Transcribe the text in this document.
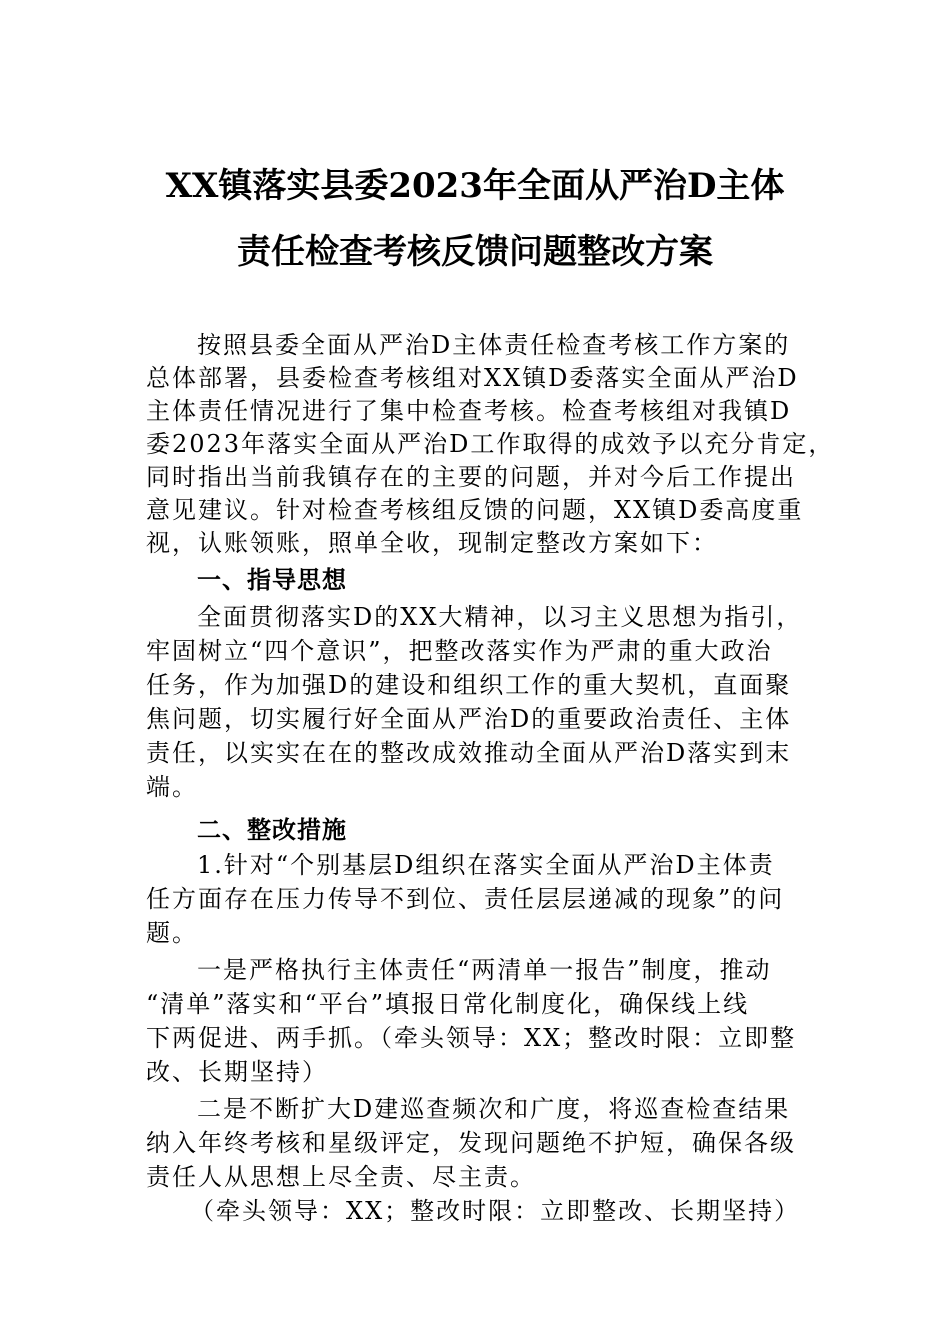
XX镇落实县委2023年全面从严治D主体
责任检查考核反馈问题整改方案
按照县委全面从严治D主体责任检查考核工作方案的
总体部署，县委检查考核组对XX镇D委落实全面从严治D
主体责任情况进行了集中检查考核。检查考核组对我镇D
委2023年落实全面从严治D工作取得的成效予以充分肯定，
同时指出当前我镇存在的主要的问题，并对今后工作提出
意见建议。针对检查考核组反馈的问题，XX镇D委高度重
视，认账领账，照单全收，现制定整改方案如下：
一、指导思想
全面贯彻落实D的XX大精神，以习主义思想为指引，
牢固树立“四个意识”，把整改落实作为严肃的重大政治
任务，作为加强D的建设和组织工作的重大契机，直面聚
焦问题，切实履行好全面从严治D的重要政治责任、主体
责任，以实实在在的整改成效推动全面从严治D落实到末
端。
二、整改措施
1.针对“个别基层D组织在落实全面从严治D主体责
任方面存在压力传导不到位、责任层层递减的现象”的问
题。
一是严格执行主体责任“两清单一报告”制度，推动
“清单”落实和“平台”填报日常化制度化，确保线上线
下两促进、两手抓。（牵头领导：XX；整改时限：立即整
改、长期坚持）
二是不断扩大D建巡查频次和广度，将巡查检查结果
纳入年终考核和星级评定，发现问题绝不护短，确保各级
责任人从思想上尽全责、尽主责。
（牵头领导：XX；整改时限：立即整改、长期坚持）
